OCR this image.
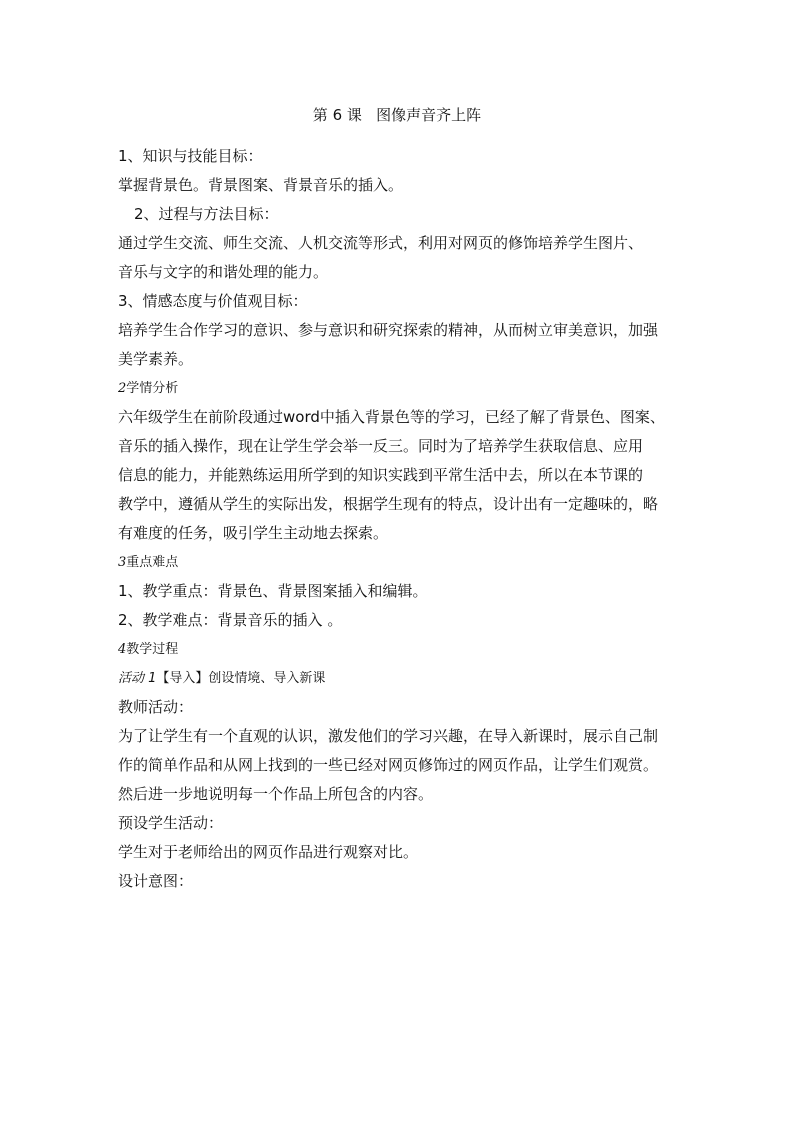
第 6 课   图像声音齐上阵
1、知识与技能目标：
掌握背景色。背景图案、背景音乐的插入。
2、过程与方法目标：
通过学生交流、师生交流、人机交流等形式，利用对网页的修饰培养学生图片、
音乐与文字的和谐处理的能力。
3、情感态度与价值观目标：
培养学生合作学习的意识、参与意识和研究探索的精神，从而树立审美意识，加强
美学素养。
2学情分析
六年级学生在前阶段通过word中插入背景色等的学习，已经了解了背景色、图案、
音乐的插入操作，现在让学生学会举一反三。同时为了培养学生获取信息、应用
信息的能力，并能熟练运用所学到的知识实践到平常生活中去，所以在本节课的
教学中，遵循从学生的实际出发，根据学生现有的特点，设计出有一定趣味的，略
有难度的任务，吸引学生主动地去探索。
3重点难点
1、教学重点：背景色、背景图案插入和编辑。
2、教学难点：背景音乐的插入 。
4教学过程
活动 1【导入】创设情境、导入新课
教师活动：
为了让学生有一个直观的认识，激发他们的学习兴趣，在导入新课时，展示自己制
作的简单作品和从网上找到的一些已经对网页修饰过的网页作品，让学生们观赏。
然后进一步地说明每一个作品上所包含的内容。
预设学生活动：
学生对于老师给出的网页作品进行观察对比。
设计意图：
